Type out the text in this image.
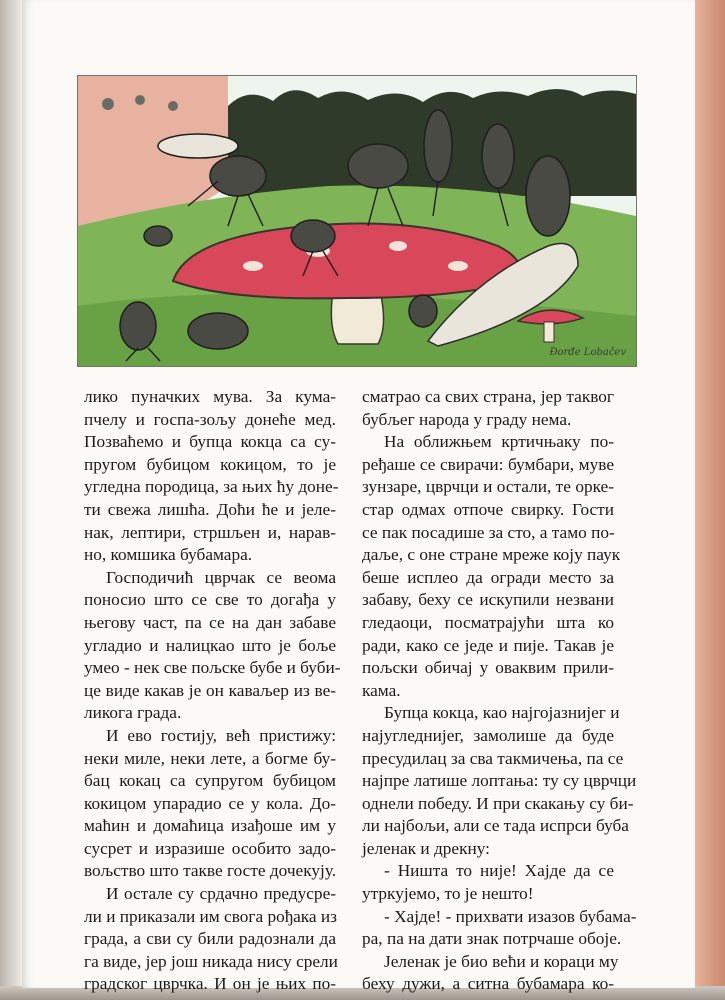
Đorđe Lobačev
лико пуначких мува. За кума-
пчелу и госпа-зољу донеће мед.
Позваћемо и бупца кокца са су-
пругом бубицом кокицом, то је
угледна породица, за њих ћу доне-
ти свежа лишћа. Доћи ће и јеле-
нак, лептири, стршљен и, нарав-
но, комшика бубамара.
Господичић цврчак се веома
поносио што се све то догађа у
његову част, па се на дан забаве
угладио и налицкао што је боље
умео - нек све пољске бубе и буби-
це виде какав је он каваљер из ве-
ликога града.
И ево гостију, већ пристижу:
неки миле, неки лете, а богме бу-
бац кокац са супругом бубицом
кокицом упарадио се у кола. До-
маћин и домаћица изађоше им у
сусрет и изразише особито задо-
вољство што такве госте дочекују.
И остале су срдачно предусре-
ли и приказали им свога рођака из
града, а сви су били радознали да
га виде, јер још никада нису срели
градског цврчка. И он је њих по-
сматрао са свих страна, јер таквог
бубљег народа у граду нема.
На оближњем кртичњаку по-
ређаше се свирачи: бумбари, муве
зунзаре, цврчци и остали, те орке-
стар одмах отпоче свирку. Гости
се пак посадише за сто, а тамо по-
даље, с оне стране мреже коју паук
беше исплео да огради место за
забаву, беху се искупили незвани
гледаоци, посматрајући шта ко
ради, како се једе и пије. Такав је
пољски обичај у оваквим прили-
кама.
Бупца кокца, као најгојазнијег и
најугледнијег, замолише да буде
пресудилац за сва такмичења, па се
најпре латише лоптања: ту су цврчци
однели победу. И при скакању су би-
ли најбољи, али се тада испрси буба
јеленак и дрекну:
- Ништа то није! Хајде да се
утркујемо, то је нешто!
- Хајде! - прихвати изазов бубама-
ра, па на дати знак потрчаше обоје.
Јеленак је био већи и кораци му
беху дужи, а ситна бубамара ко-
